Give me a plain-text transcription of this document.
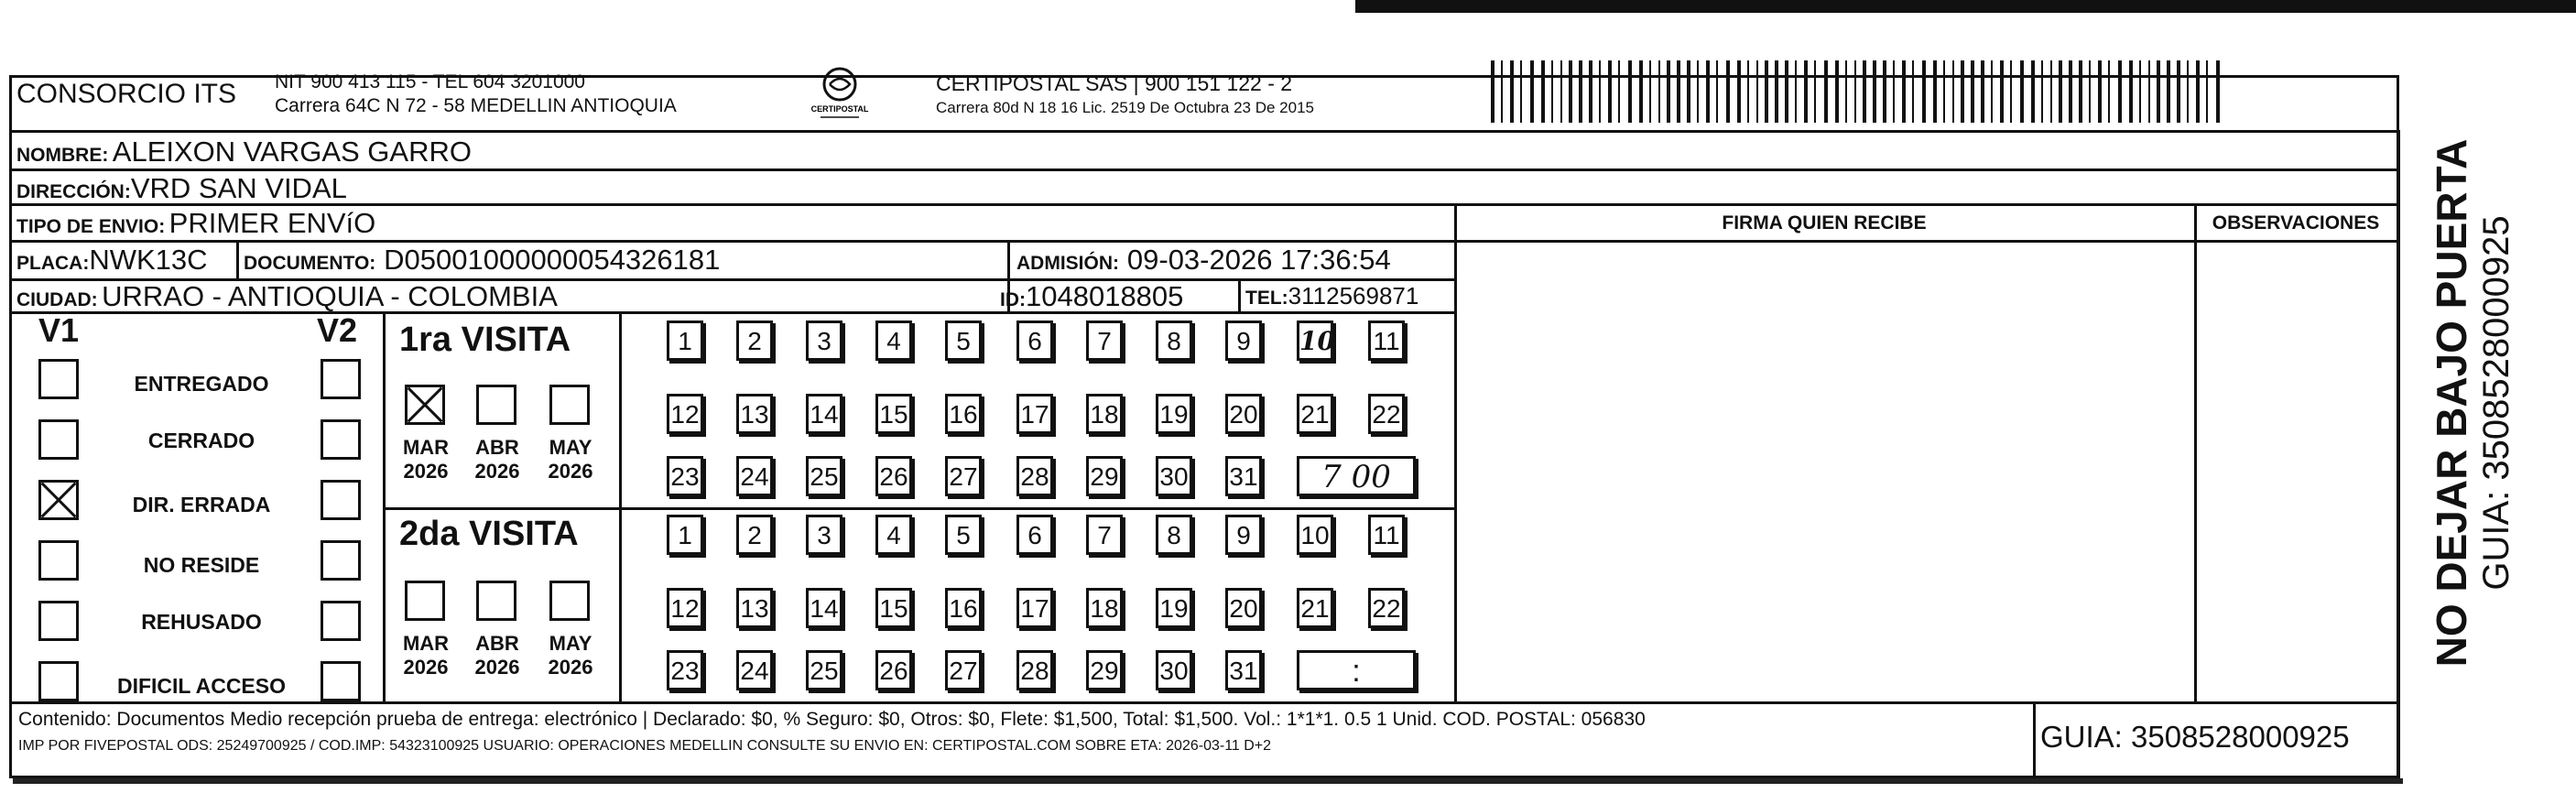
CONSORCIO ITS NIT 900 413 115 - TEL 604 3201000
Carrera 64C N 72 - 58 MEDELLIN ANTIOQUIA	CERTIPOSTAL
CERTIPOSTAL SAS | 900 151 122 - 2
Carrera 80d N 18 16 Lic. 2519 De Octubra 23 De 2015
NOMBRE: ALEIXON VARGAS GARRO
DIRECCIÓN:VRD SAN VIDAL
TIPO DE ENVIO: PRIMER ENVíO	FIRMA QUIEN RECIBE	OBSERVACIONES
PLACA:NWK13C DOCUMENTO: D05001000000054326181	ADMISIÓN: 09-03-2026 17:36:54
CIUDAD: URRAO - ANTIOQUIA - COLOMBIA	ID:1048018805	TEL:3112569871
V1	V2
ENTREGADO
CERRADO
DIR. ERRADA
NO RESIDE
REHUSADO
DIFICIL ACCESO
1ra VISITA
2da VISITA
MAR
2026
ABR
2026
MAY
2026
MAR
2026
ABR
2026
MAY
2026
1	2	3	4	5	6	7	8	9	10 11
12 13 14 15 16 17 18 19 20 21 22
23 24 25 26 27 28 29 30 31	7 00
1	2	3	4	5	6	7	8	9	10 11
12 13 14 15 16 17 18 19 20 21 22
23 24 25 26 27 28 29 30 31	:
Contenido: Documentos Medio recepción prueba de entrega: electrónico | Declarado: $0, % Seguro: $0, Otros: $0, Flete: $1,500, Total: $1,500. Vol.: 1*1*1. 0.5 1 Unid. COD. POSTAL: 056830
IMP POR FIVEPOSTAL ODS: 25249700925 / COD.IMP: 54323100925 USUARIO: OPERACIONES MEDELLIN CONSULTE SU ENVIO EN: CERTIPOSTAL.COM SOBRE ETA: 2026-03-11 D+2	GUIA: 3508528000925
NO DEJAR BAJO PUERTA GUIA: 3508528000925
